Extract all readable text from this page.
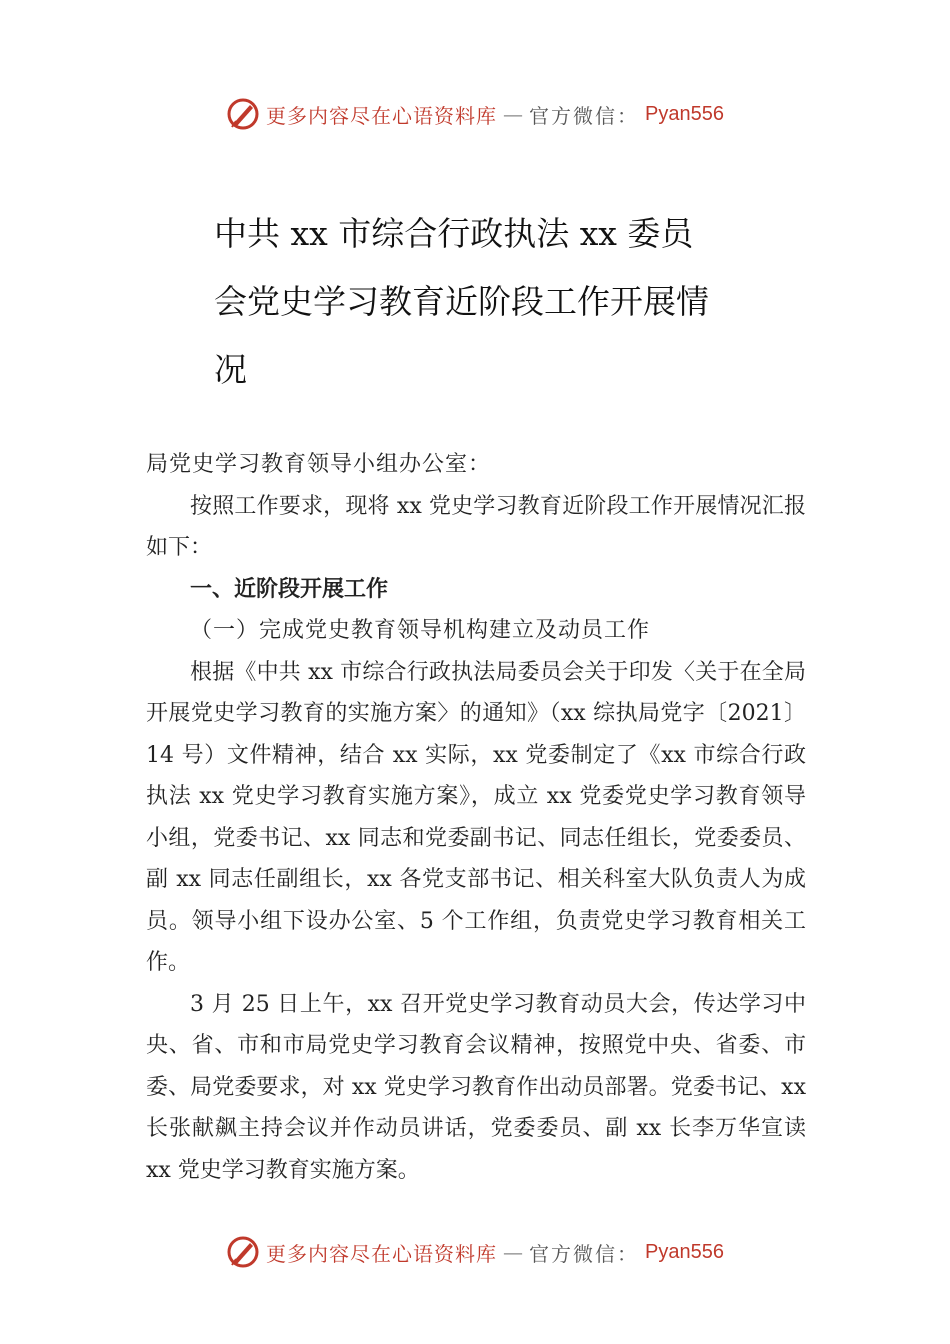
更多内容尽在心语资料库 — 官方微信： Pyan556
中共 xx 市综合行政执法 xx 委员
会党史学习教育近阶段工作开展情
况

局党史学习教育领导小组办公室：

按照工作要求，现将 xx 党史学习教育近阶段工作开展情况汇报如下：

一、近阶段开展工作

（一）完成党史教育领导机构建立及动员工作

根据《中共 xx 市综合行政执法局委员会关于印发〈关于在全局开展党史学习教育的实施方案〉的通知》（xx 综执局党字〔2021〕14 号）文件精神，结合 xx 实际，xx 党委制定了《xx 市综合行政执法 xx 党史学习教育实施方案》，成立 xx 党委党史学习教育领导小组，党委书记、xx 同志和党委副书记、同志任组长，党委委员、副 xx 同志任副组长，xx 各党支部书记、相关科室大队负责人为成员。领导小组下设办公室、5 个工作组，负责党史学习教育相关工作。

3 月 25 日上午，xx 召开党史学习教育动员大会，传达学习中央、省、市和市局党史学习教育会议精神，按照党中央、省委、市委、局党委要求，对 xx 党史学习教育作出动员部署。党委书记、xx 长张献飙主持会议并作动员讲话，党委委员、副 xx 长李万华宣读 xx 党史学习教育实施方案。

更多内容尽在心语资料库 — 官方微信： Pyan556
